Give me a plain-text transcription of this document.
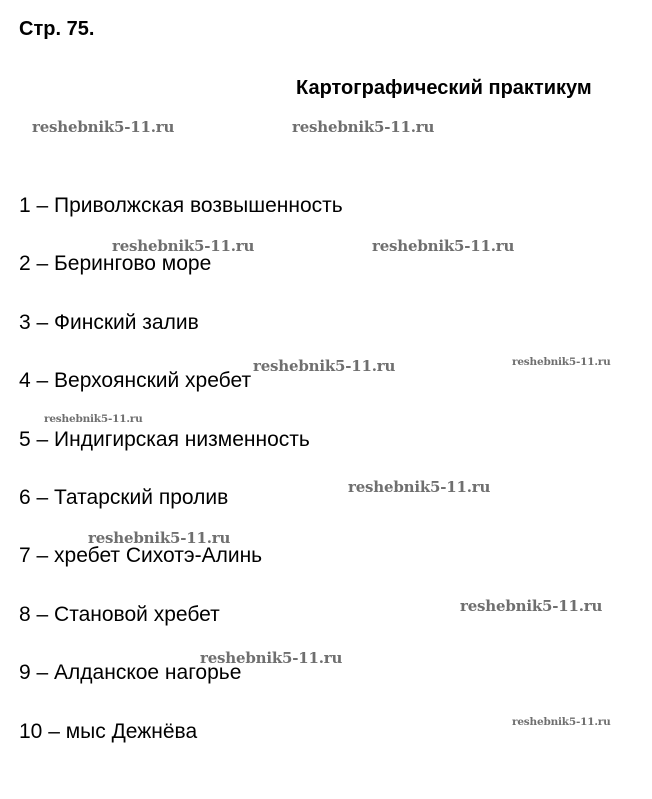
Стр. 75.
Картографический практикум
1 – Приволжская возвышенность
2 – Берингово море
3 – Финский залив
4 – Верхоянский хребет
5 – Индигирская низменность
6 – Татарский пролив
7 – хребет Сихотэ-Алинь
8 – Становой хребет
9 – Алданское нагорье
10 – мыс Дежнёва
reshebnik5-11.ru	reshebnik5-11.ru
reshebnik5-11.ru	reshebnik5-11.ru
reshebnik5-11.ru	reshebnik5-11.ru
reshebnik5-11.ru
reshebnik5-11.ru
reshebnik5-11.ru
reshebnik5-11.ru
reshebnik5-11.ru
reshebnik5-11.ru
